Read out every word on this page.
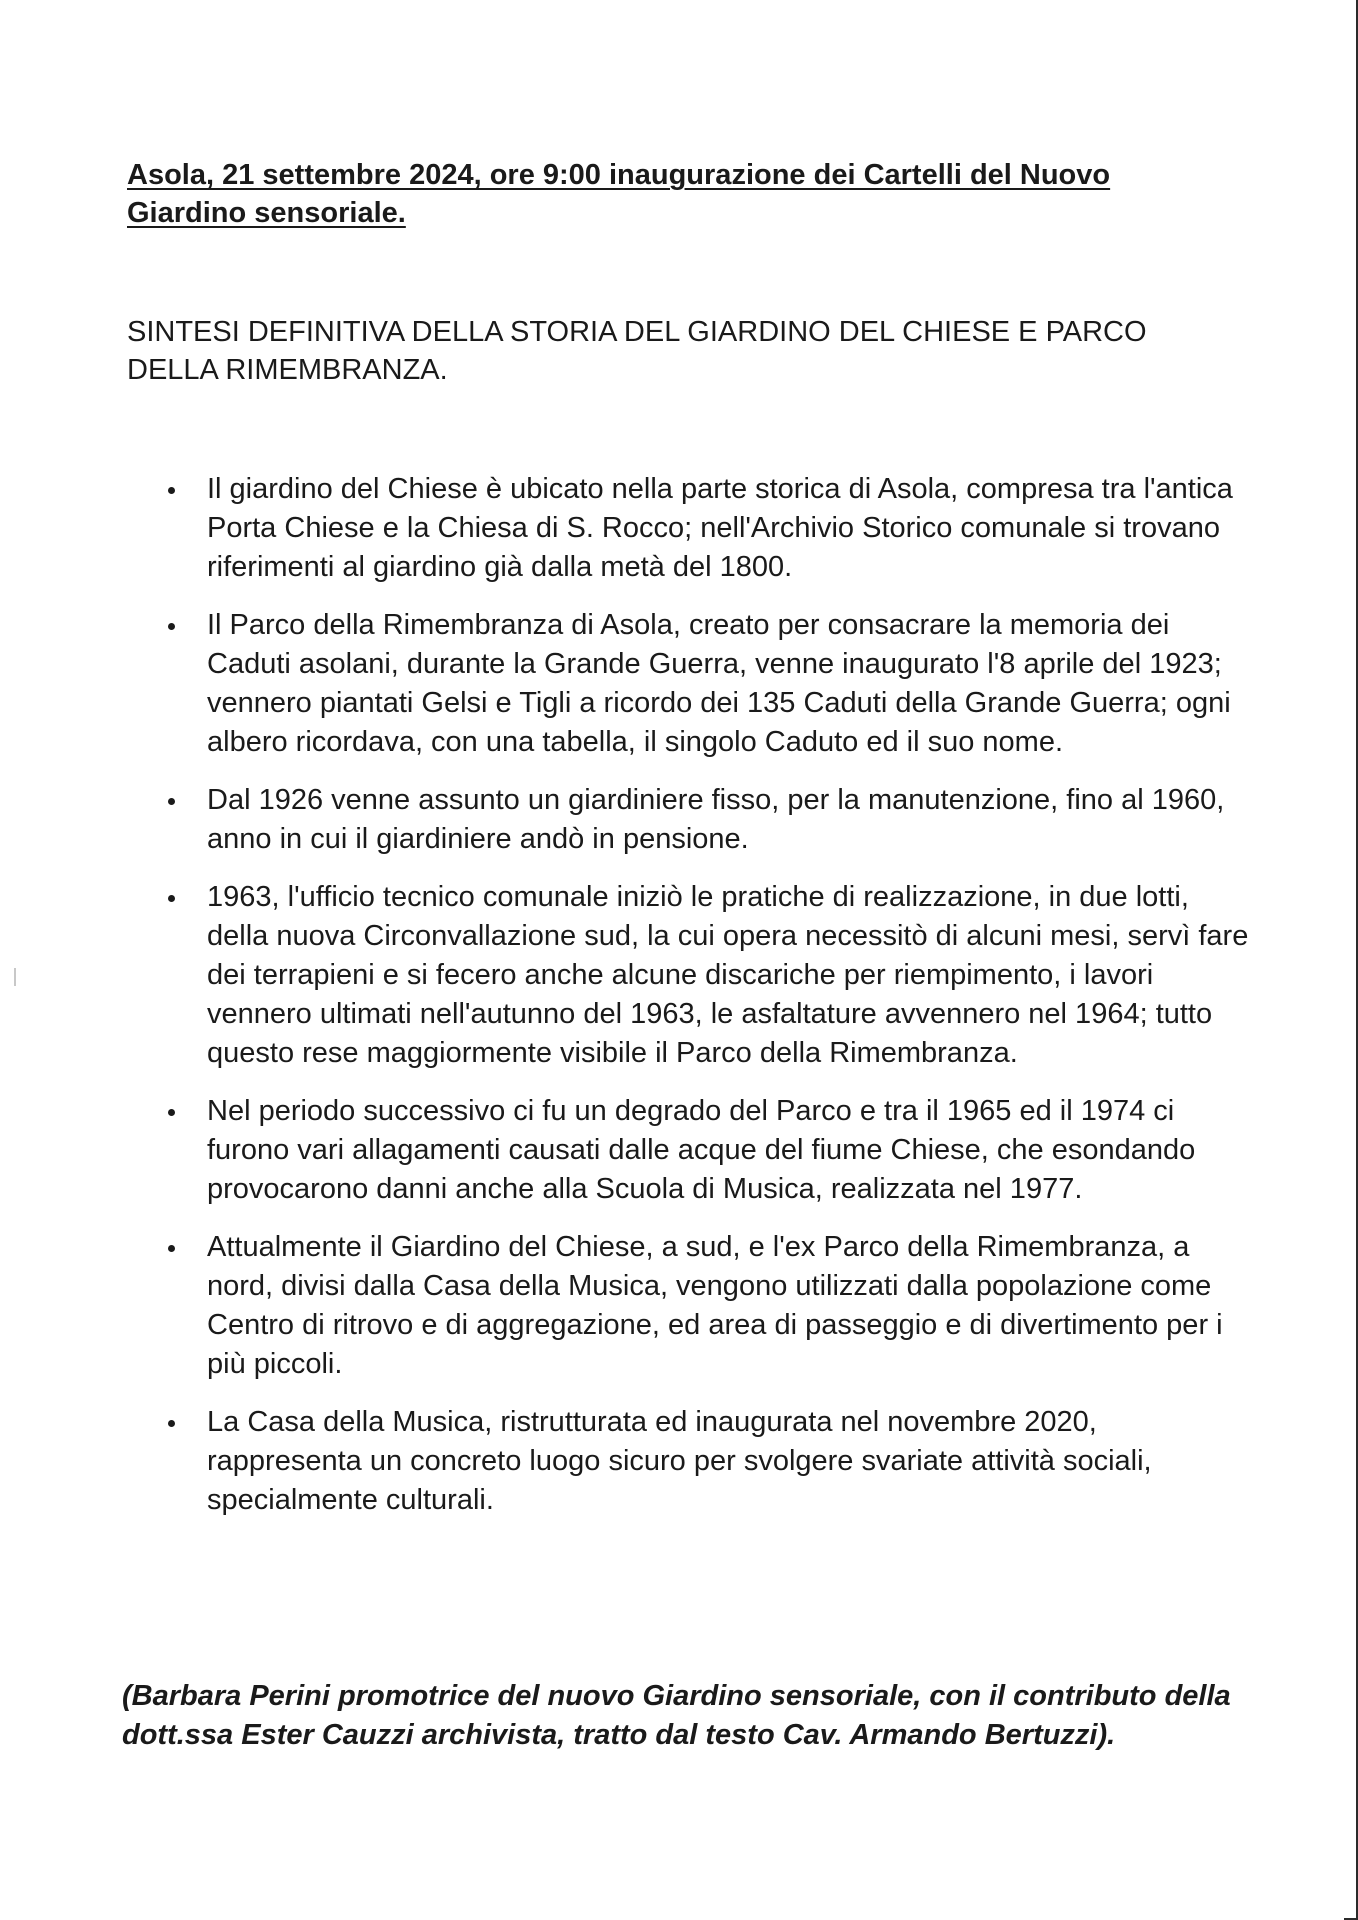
Asola, 21 settembre 2024, ore 9:00 inaugurazione dei Cartelli del Nuovo Giardino sensoriale.

SINTESI DEFINITIVA DELLA STORIA DEL GIARDINO DEL CHIESE E PARCO DELLA RIMEMBRANZA.

Il giardino del Chiese è ubicato nella parte storica di Asola, compresa tra l'antica Porta Chiese e la Chiesa di S. Rocco; nell'Archivio Storico comunale si trovano riferimenti al giardino già dalla metà del 1800.
Il Parco della Rimembranza di Asola, creato per consacrare la memoria dei Caduti asolani, durante la Grande Guerra, venne inaugurato l'8 aprile del 1923; vennero piantati Gelsi e Tigli a ricordo dei 135 Caduti della Grande Guerra; ogni albero ricordava, con una tabella, il singolo Caduto ed il suo nome.
Dal 1926 venne assunto un giardiniere fisso, per la manutenzione, fino al 1960, anno in cui il giardiniere andò in pensione.
1963, l'ufficio tecnico comunale iniziò le pratiche di realizzazione, in due lotti, della nuova Circonvallazione sud, la cui opera necessitò di alcuni mesi, servì fare dei terrapieni e si fecero anche alcune discariche per riempimento, i lavori vennero ultimati nell'autunno del 1963, le asfaltature avvennero nel 1964; tutto questo rese maggiormente visibile il Parco della Rimembranza.
Nel periodo successivo ci fu un degrado del Parco e tra il 1965 ed il 1974 ci furono vari allagamenti causati dalle acque del fiume Chiese, che esondando provocarono danni anche alla Scuola di Musica, realizzata nel 1977.
Attualmente il Giardino del Chiese, a sud, e l'ex Parco della Rimembranza, a nord, divisi dalla Casa della Musica, vengono utilizzati dalla popolazione come Centro di ritrovo e di aggregazione, ed area di passeggio e di divertimento per i più piccoli.
La Casa della Musica, ristrutturata ed inaugurata nel novembre 2020, rappresenta un concreto luogo sicuro per svolgere svariate attività sociali, specialmente culturali.

(Barbara Perini promotrice del nuovo Giardino sensoriale, con il contributo della dott.ssa Ester Cauzzi archivista, tratto dal testo Cav. Armando Bertuzzi).
